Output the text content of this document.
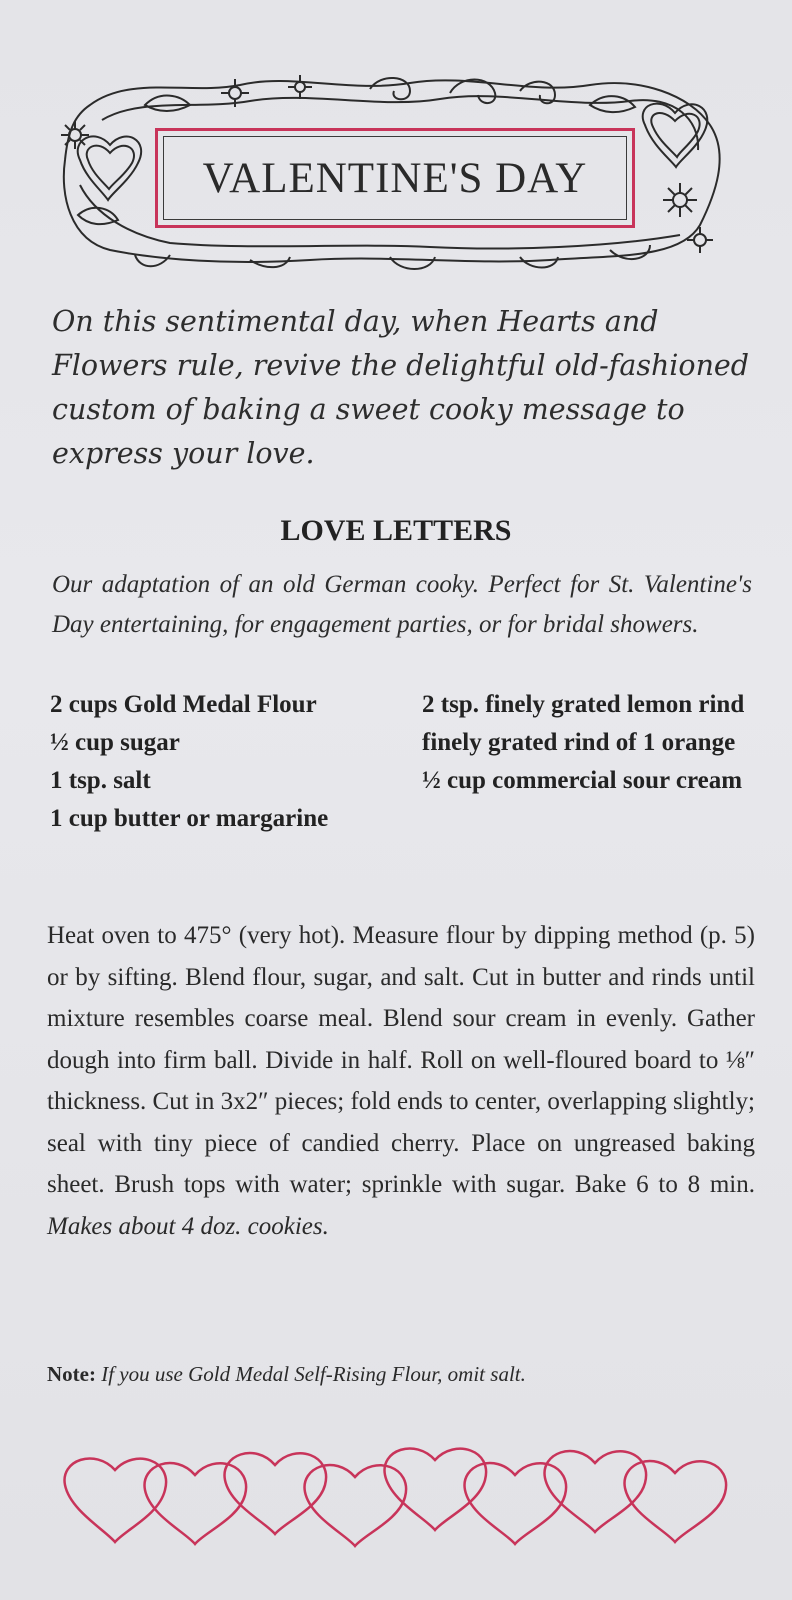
VALENTINE'S DAY
On this sentimental day, when Hearts and Flowers rule, revive the delightful old-fashioned custom of baking a sweet cooky message to express your love.
LOVE LETTERS
Our adaptation of an old German cooky. Perfect for St. Valentine's Day entertaining, for engagement parties, or for bridal showers.

2 cups Gold Medal Flour

½ cup sugar

1 tsp. salt

1 cup butter or margarine

2 tsp. finely grated lemon rind

finely grated rind of 1 orange

½ cup commercial sour cream

Heat oven to 475° (very hot). Measure flour by dipping method (p. 5) or by sifting. Blend flour, sugar, and salt. Cut in butter and rinds until mixture resembles coarse meal. Blend sour cream in evenly. Gather dough into firm ball. Divide in half. Roll on well-floured board to ⅛″ thickness. Cut in 3x2″ pieces; fold ends to center, overlapping slightly; seal with tiny piece of candied cherry. Place on ungreased baking sheet. Brush tops with water; sprinkle with sugar. Bake 6 to 8 min. Makes about 4 doz. cookies.
Note: If you use Gold Medal Self-Rising Flour, omit salt.
